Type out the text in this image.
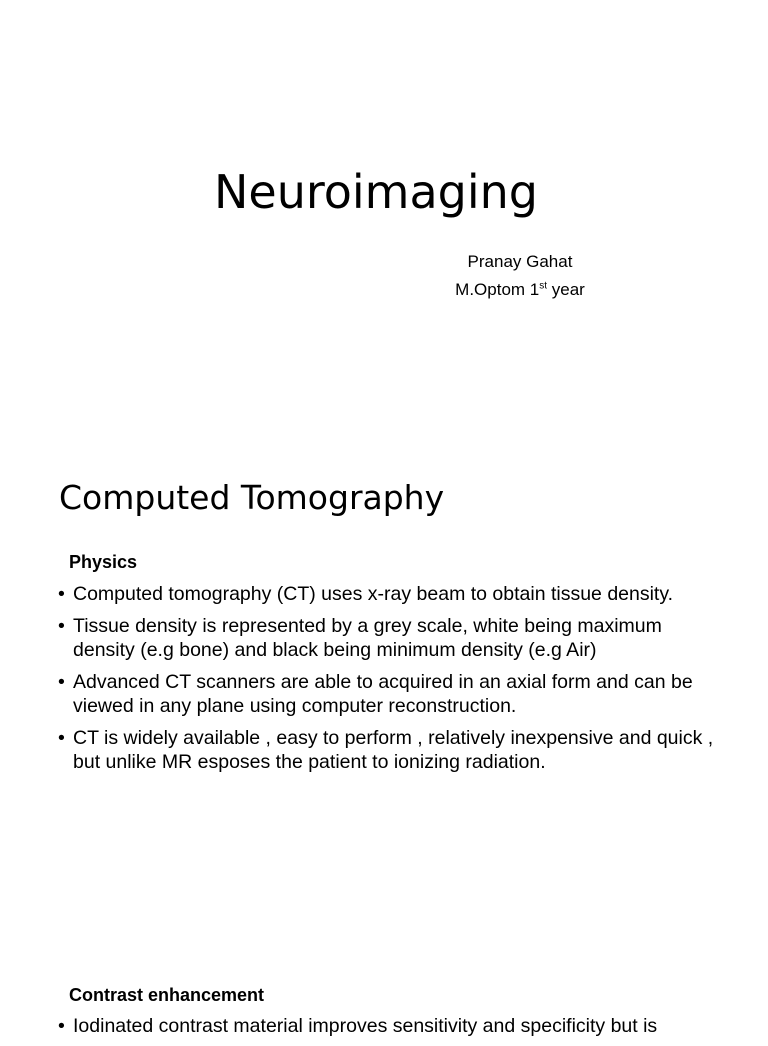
Neuroimaging
Pranay Gahat
M.Optom 1st year
Computed Tomography
Physics
• Computed tomography (CT) uses x-ray beam to obtain tissue density.
• Tissue density is represented by a grey scale, white being maximum density (e.g bone) and black being minimum density (e.g Air)
• Advanced CT scanners are able to acquired in an axial form and can be viewed in any plane using computer reconstruction.
• CT is widely available , easy to perform , relatively inexpensive and quick , but unlike MR esposes the patient to ionizing radiation.
Contrast enhancement
• Iodinated contrast material improves sensitivity and specificity but is
